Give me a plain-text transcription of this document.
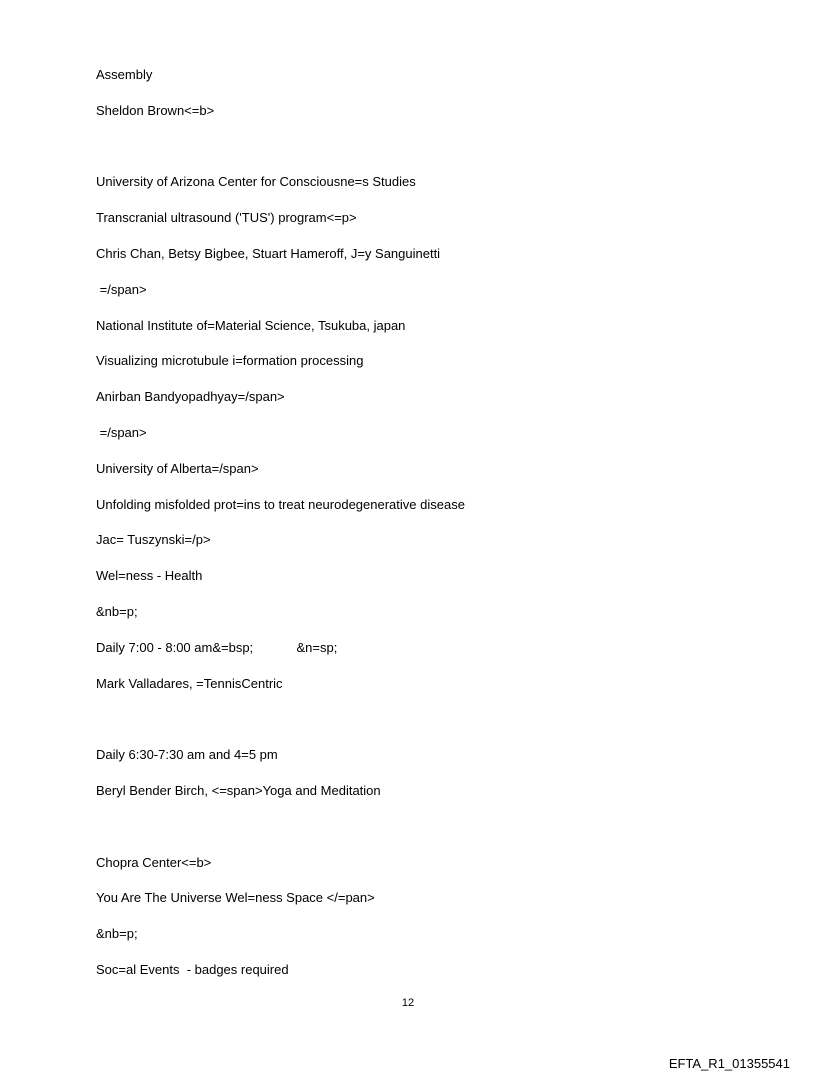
Assembly
Sheldon Brown<=b>
University of Arizona Center for Consciousne=s Studies
Transcranial ultrasound ('TUS') program<=p>
Chris Chan, Betsy Bigbee, Stuart Hameroff, J=y Sanguinetti
=/span>
National Institute of=Material Science, Tsukuba, japan
Visualizing microtubule i=formation processing
Anirban Bandyopadhyay=/span>
=/span>
University of Alberta=/span>
Unfolding misfolded prot=ins to treat neurodegenerative disease
Jac= Tuszynski=/p>
Wel=ness - Health
&nb=p;
Daily 7:00 - 8:00 am&=bsp;            &n=sp;
Mark Valladares, =TennisCentric
Daily 6:30-7:30 am and 4=5 pm
Beryl Bender Birch, <=span>Yoga and Meditation
Chopra Center<=b>
You Are The Universe Wel=ness Space </=pan>
&nb=p;
Soc=al Events  - badges required
12
EFTA_R1_01355541
